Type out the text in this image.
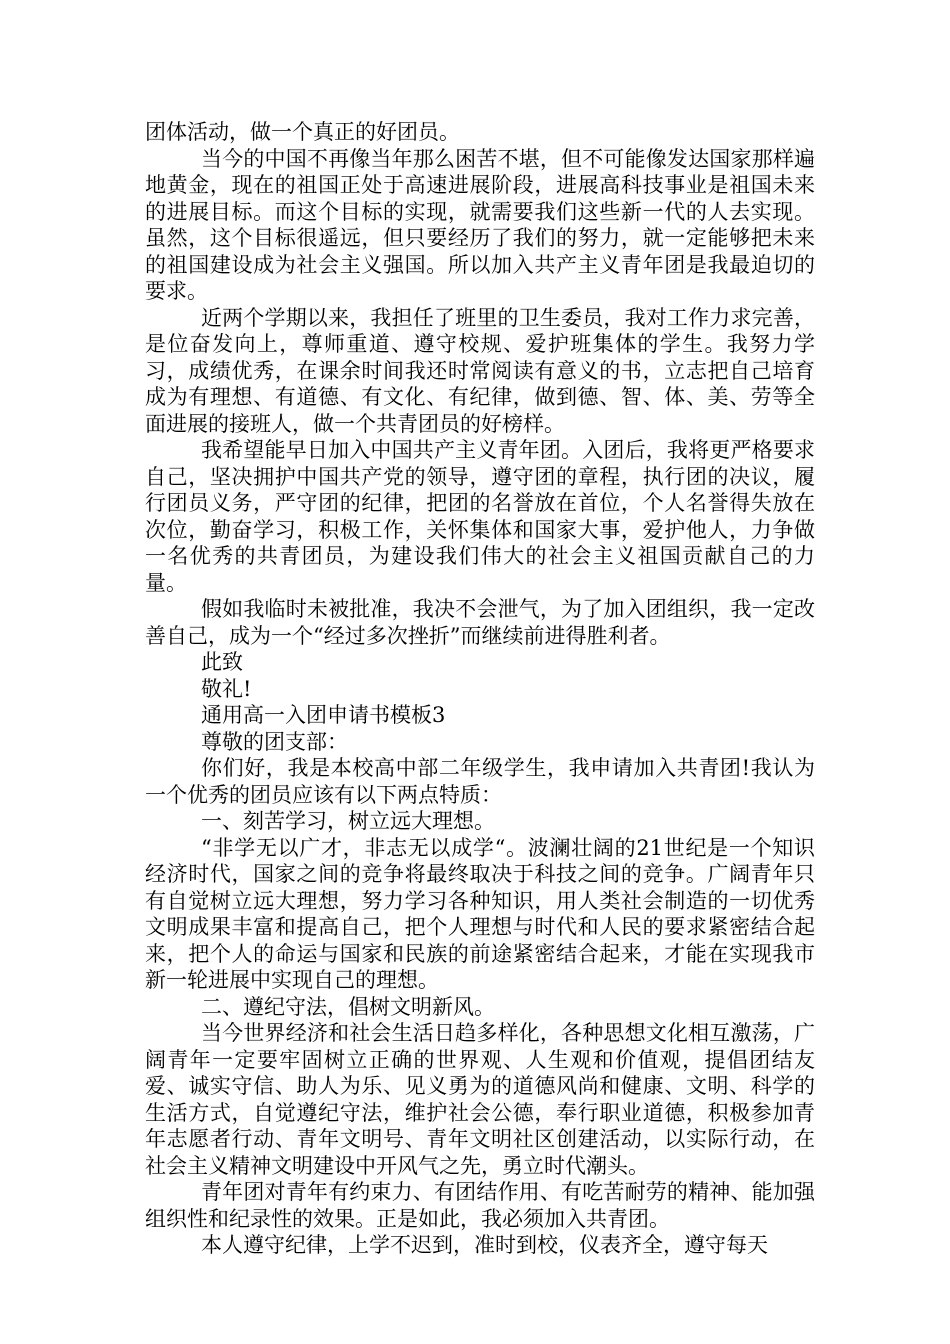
团体活动，做一个真正的好团员。

当今的中国不再像当年那么困苦不堪，但不可能像发达国家那样遍地黄金，现在的祖国正处于高速进展阶段，进展高科技事业是祖国未来的进展目标。而这个目标的实现，就需要我们这些新一代的人去实现。虽然，这个目标很遥远，但只要经历了我们的努力，就一定能够把未来的祖国建设成为社会主义强国。所以加入共产主义青年团是我最迫切的要求。

近两个学期以来，我担任了班里的卫生委员，我对工作力求完善，是位奋发向上，尊师重道、遵守校规、爱护班集体的学生。我努力学习，成绩优秀，在课余时间我还时常阅读有意义的书，立志把自己培育成为有理想、有道德、有文化、有纪律，做到德、智、体、美、劳等全面进展的接班人，做一个共青团员的好榜样。

我希望能早日加入中国共产主义青年团。入团后，我将更严格要求自己，坚决拥护中国共产党的领导，遵守团的章程，执行团的决议，履行团员义务，严守团的纪律，把团的名誉放在首位，个人名誉得失放在次位，勤奋学习，积极工作，关怀集体和国家大事，爱护他人，力争做一名优秀的共青团员，为建设我们伟大的社会主义祖国贡献自己的力量。

假如我临时未被批准，我决不会泄气，为了加入团组织，我一定改善自己，成为一个“经过多次挫折”而继续前进得胜利者。

此致

敬礼!

通用高一入团申请书模板3

尊敬的团支部：

你们好，我是本校高中部二年级学生，我申请加入共青团!我认为一个优秀的团员应该有以下两点特质：

一、刻苦学习，树立远大理想。

“非学无以广才，非志无以成学“。波澜壮阔的21世纪是一个知识经济时代，国家之间的竞争将最终取决于科技之间的竞争。广阔青年只有自觉树立远大理想，努力学习各种知识，用人类社会制造的一切优秀文明成果丰富和提高自己，把个人理想与时代和人民的要求紧密结合起来，把个人的命运与国家和民族的前途紧密结合起来，才能在实现我市新一轮进展中实现自己的理想。

二、遵纪守法，倡树文明新风。

当今世界经济和社会生活日趋多样化，各种思想文化相互激荡，广阔青年一定要牢固树立正确的世界观、人生观和价值观，提倡团结友爱、诚实守信、助人为乐、见义勇为的道德风尚和健康、文明、科学的生活方式，自觉遵纪守法，维护社会公德，奉行职业道德，积极参加青年志愿者行动、青年文明号、青年文明社区创建活动，以实际行动，在社会主义精神文明建设中开风气之先，勇立时代潮头。

青年团对青年有约束力、有团结作用、有吃苦耐劳的精神、能加强组织性和纪录性的效果。正是如此，我必须加入共青团。

本人遵守纪律，上学不迟到，准时到校，仪表齐全，遵守每天
